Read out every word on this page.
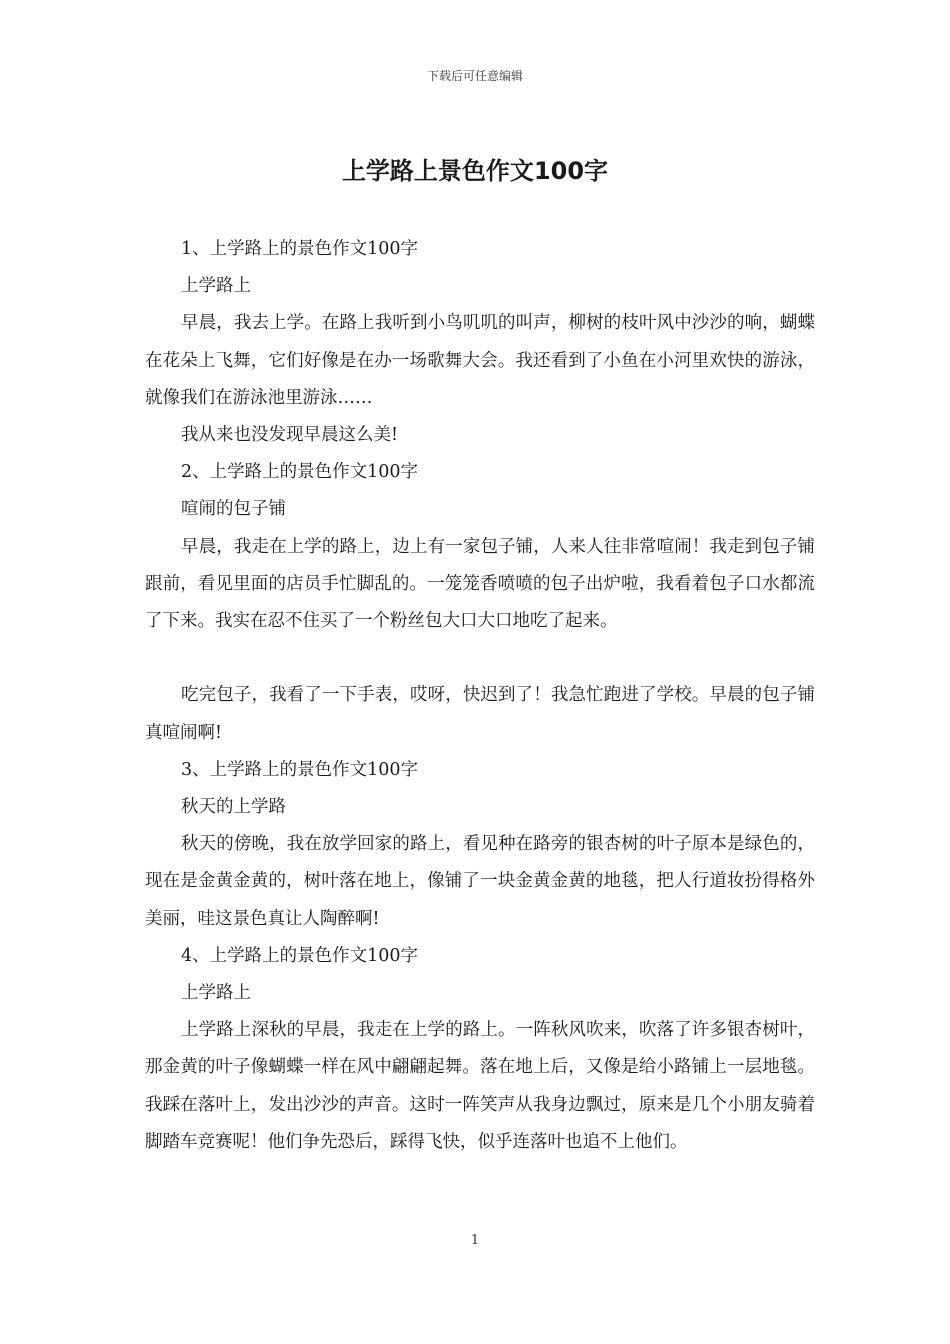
下载后可任意编辑
上学路上景色作文100字

1、上学路上的景色作文100字

上学路上

早晨，我去上学。在路上我听到小鸟叽叽的叫声，柳树的枝叶风中沙沙的响，蝴蝶在花朵上飞舞，它们好像是在办一场歌舞大会。我还看到了小鱼在小河里欢快的游泳，就像我们在游泳池里游泳……

我从来也没发现早晨这么美!

2、上学路上的景色作文100字

喧闹的包子铺

早晨，我走在上学的路上，边上有一家包子铺，人来人往非常喧闹！我走到包子铺跟前，看见里面的店员手忙脚乱的。一笼笼香喷喷的包子出炉啦，我看着包子口水都流了下来。我实在忍不住买了一个粉丝包大口大口地吃了起来。

吃完包子，我看了一下手表，哎呀，快迟到了！我急忙跑进了学校。早晨的包子铺真喧闹啊!

3、上学路上的景色作文100字

秋天的上学路

秋天的傍晚，我在放学回家的路上，看见种在路旁的银杏树的叶子原本是绿色的，现在是金黄金黄的，树叶落在地上，像铺了一块金黄金黄的地毯，把人行道妆扮得格外美丽，哇这景色真让人陶醉啊!

4、上学路上的景色作文100字

上学路上

上学路上深秋的早晨，我走在上学的路上。一阵秋风吹来，吹落了许多银杏树叶，那金黄的叶子像蝴蝶一样在风中翩翩起舞。落在地上后，又像是给小路铺上一层地毯。我踩在落叶上，发出沙沙的声音。这时一阵笑声从我身边飘过，原来是几个小朋友骑着脚踏车竞赛呢！他们争先恐后，踩得飞快，似乎连落叶也追不上他们。

1
